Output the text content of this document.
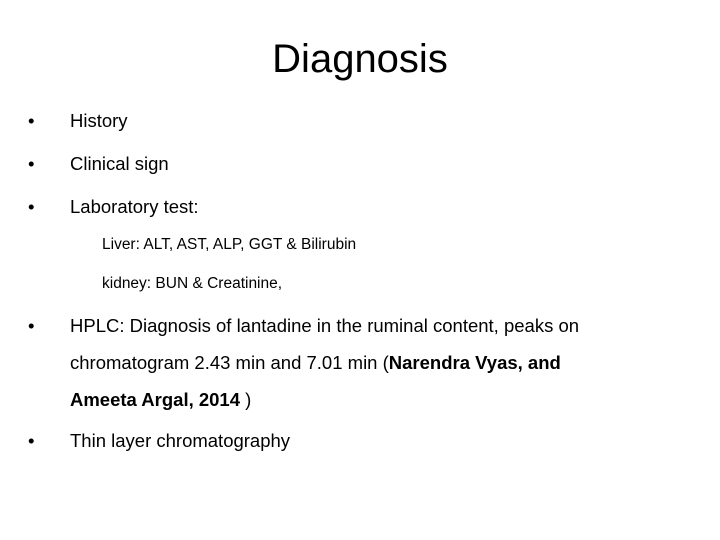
Diagnosis
•	History
•	Clinical sign
•	Laboratory test:
Liver: ALT, AST, ALP, GGT & Bilirubin
kidney: BUN & Creatinine,
•	HPLC: Diagnosis of lantadine in the ruminal content, peaks on
chromatogram 2.43 min and 7.01 min (Narendra Vyas, and
Ameeta Argal, 2014 )
•	Thin layer chromatography
